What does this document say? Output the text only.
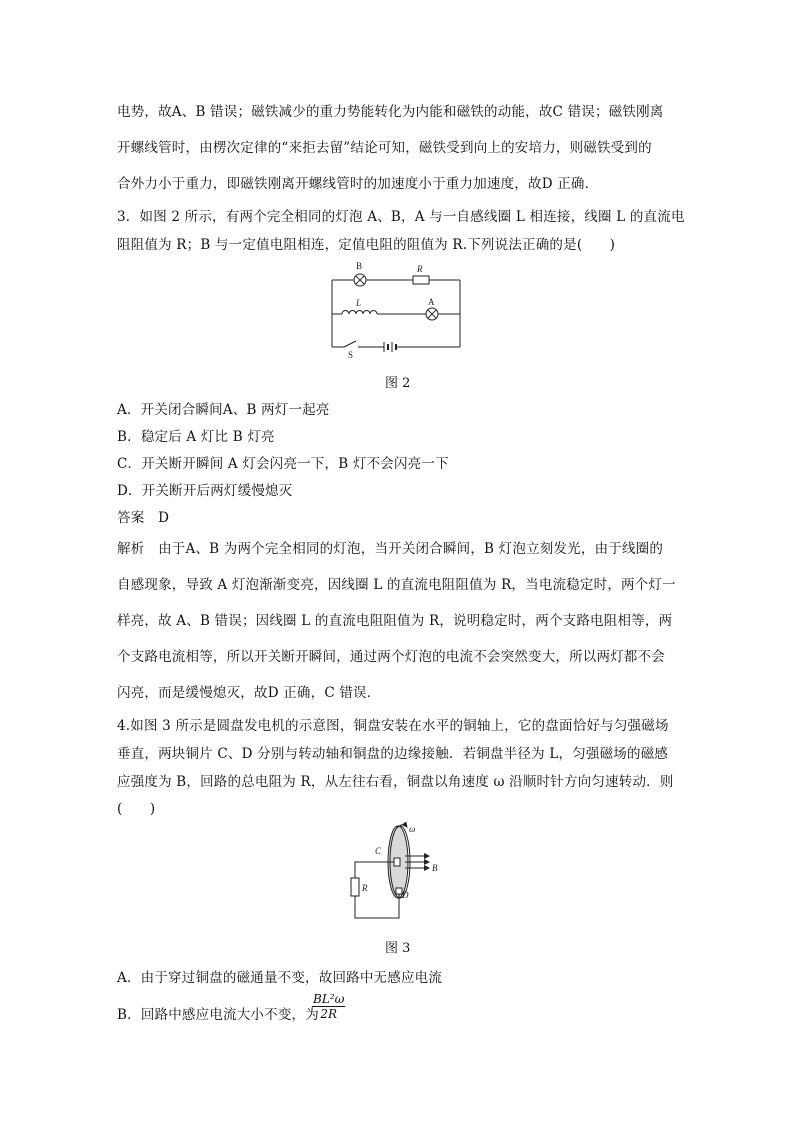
电势，故A、B 错误；磁铁减少的重力势能转化为内能和磁铁的动能，故C 错误；磁铁刚离
开螺线管时，由楞次定律的“来拒去留”结论可知，磁铁受到向上的安培力，则磁铁受到的
合外力小于重力，即磁铁刚离开螺线管时的加速度小于重力加速度，故D 正确．
3．如图 2 所示，有两个完全相同的灯泡 A、B，A 与一自感线圈 L 相连接，线圈 L 的直流电
阻阻值为 R；B 与一定值电阻相连，定值电阻的阻值为 R.下列说法正确的是(　　)
B	R
L	A
S
图 2
A．开关闭合瞬间A、B 两灯一起亮
B．稳定后 A 灯比 B 灯亮
C．开关断开瞬间 A 灯会闪亮一下，B 灯不会闪亮一下
D．开关断开后两灯缓慢熄灭
答案　D
解析　由于A、B 为两个完全相同的灯泡，当开关闭合瞬间，B 灯泡立刻发光，由于线圈的
自感现象，导致 A 灯泡渐渐变亮，因线圈 L 的直流电阻阻值为 R，当电流稳定时，两个灯一
样亮，故 A、B 错误；因线圈 L 的直流电阻阻值为 R，说明稳定时，两个支路电阻相等，两
个支路电流相等，所以开关断开瞬间，通过两个灯泡的电流不会突然变大，所以两灯都不会
闪亮，而是缓慢熄灭，故D 正确，C 错误．
4.如图 3 所示是圆盘发电机的示意图，铜盘安装在水平的铜轴上，它的盘面恰好与匀强磁场
垂直，两块铜片 C、D 分别与转动轴和铜盘的边缘接触．若铜盘半径为 L，匀强磁场的磁感
应强度为 B，回路的总电阻为 R，从左往右看，铜盘以角速度 ω 沿顺时针方向匀速转动．则
(　　)
ω
C
B
R
D
图 3
A．由于穿过铜盘的磁通量不变，故回路中无感应电流
B．回路中感应电流大小不变，为
$\frac{\text{BL²ω}}{2R}$
